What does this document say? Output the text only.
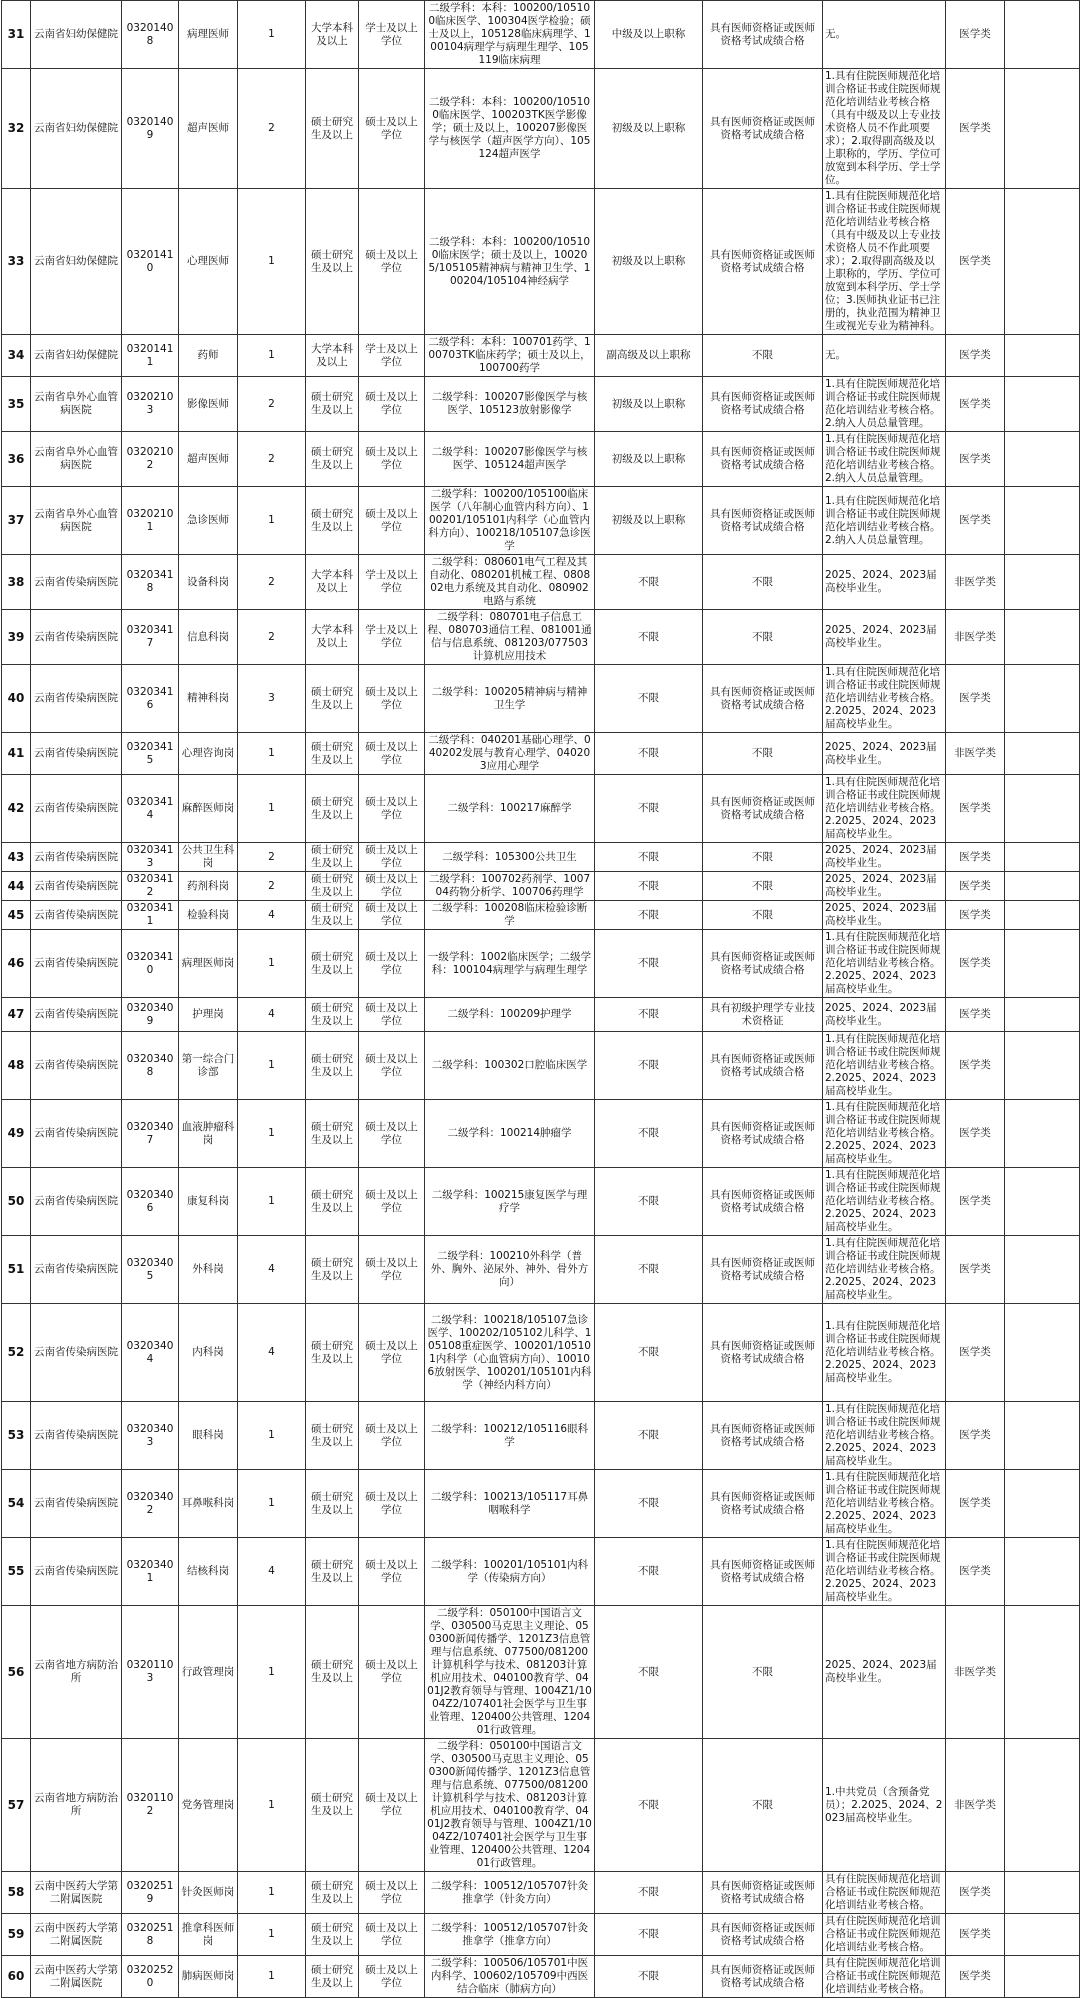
31	云南省妇幼保健院	03201408	病理医师	1	大学本科及以上	学士及以上学位	二级学科：本科：100200/105100临床医学、100304医学检验；硕士及以上，105128临床病理学、100104病理学与病理生理学、105119临床病理	中级及以上职称	具有医师资格证或医师资格考试成绩合格	无。	医学类	
32	云南省妇幼保健院	03201409	超声医师	2	硕士研究生及以上	硕士及以上学位	二级学科：本科：100200/105100临床医学、100203TK医学影像学；硕士及以上，100207影像医学与核医学（超声医学方向）、105124超声医学	初级及以上职称	具有医师资格证或医师资格考试成绩合格	1.具有住院医师规范化培训合格证书或住院医师规范化培训结业考核合格（具有中级及以上专业技术资格人员不作此项要求）；2.取得副高级及以上职称的，学历、学位可放宽到本科学历、学士学位。	医学类	
33	云南省妇幼保健院	03201410	心理医师	1	硕士研究生及以上	硕士及以上学位	二级学科：本科：100200/105100临床医学；硕士及以上，100205/105105精神病与精神卫生学、100204/105104神经病学	初级及以上职称	具有医师资格证或医师资格考试成绩合格	1.具有住院医师规范化培训合格证书或住院医师规范化培训结业考核合格（具有中级及以上专业技术资格人员不作此项要求）；2.取得副高级及以上职称的，学历、学位可放宽到本科学历、学士学位；3.医师执业证书已注册的，执业范围为精神卫生或视光专业为精神科。	医学类	
34	云南省妇幼保健院	03201411	药师	1	大学本科及以上	学士及以上学位	二级学科：本科：100701药学、100703TK临床药学；硕士及以上，100700药学	副高级及以上职称	不限	无。	医学类	
35	云南省阜外心血管病医院	03202103	影像医师	2	硕士研究生及以上	硕士及以上学位	二级学科：100207影像医学与核医学、105123放射影像学	初级及以上职称	具有医师资格证或医师资格考试成绩合格	1.具有住院医师规范化培训合格证书或住院医师规范化培训结业考核合格。2.纳入人员总量管理。	医学类	
36	云南省阜外心血管病医院	03202102	超声医师	2	硕士研究生及以上	硕士及以上学位	二级学科：100207影像医学与核医学、105124超声医学	初级及以上职称	具有医师资格证或医师资格考试成绩合格	1.具有住院医师规范化培训合格证书或住院医师规范化培训结业考核合格。2.纳入人员总量管理。	医学类	
37	云南省阜外心血管病医院	03202101	急诊医师	1	硕士研究生及以上	硕士及以上学位	二级学科：100200/105100临床医学（八年制心血管内科方向）、100201/105101内科学（心血管内科方向）、100218/105107急诊医学	初级及以上职称	具有医师资格证或医师资格考试成绩合格	1.具有住院医师规范化培训合格证书或住院医师规范化培训结业考核合格。2.纳入人员总量管理。	医学类	
38	云南省传染病医院	03203418	设备科岗	2	大学本科及以上	学士及以上学位	二级学科：080601电气工程及其自动化、080201机械工程、080802电力系统及其自动化、080902电路与系统	不限	不限	2025、2024、2023届高校毕业生。	非医学类	
39	云南省传染病医院	03203417	信息科岗	2	大学本科及以上	学士及以上学位	二级学科：080701电子信息工程、080703通信工程、081001通信与信息系统、081203/077503计算机应用技术	不限	不限	2025、2024、2023届高校毕业生。	非医学类	
40	云南省传染病医院	03203416	精神科岗	3	硕士研究生及以上	硕士及以上学位	二级学科：100205精神病与精神卫生学	不限	具有医师资格证或医师资格考试成绩合格	1.具有住院医师规范化培训合格证书或住院医师规范化培训结业考核合格。2.2025、2024、2023届高校毕业生。	医学类	
41	云南省传染病医院	03203415	心理咨询岗	1	硕士研究生及以上	硕士及以上学位	二级学科：040201基础心理学、040202发展与教育心理学、040203应用心理学	不限	不限	2025、2024、2023届高校毕业生。	非医学类	
42	云南省传染病医院	03203414	麻醉医师岗	1	硕士研究生及以上	硕士及以上学位	二级学科：100217麻醉学	不限	具有医师资格证或医师资格考试成绩合格	1.具有住院医师规范化培训合格证书或住院医师规范化培训结业考核合格。2.2025、2024、2023届高校毕业生。	医学类	
43	云南省传染病医院	03203413	公共卫生科岗	2	硕士研究生及以上	硕士及以上学位	二级学科：105300公共卫生	不限	不限	2025、2024、2023届高校毕业生。	医学类	
44	云南省传染病医院	03203412	药剂科岗	2	硕士研究生及以上	硕士及以上学位	二级学科：100702药剂学、100704药物分析学、100706药理学	不限	不限	2025、2024、2023届高校毕业生。	医学类	
45	云南省传染病医院	03203411	检验科岗	4	硕士研究生及以上	硕士及以上学位	二级学科：100208临床检验诊断学	不限	不限	2025、2024、2023届高校毕业生。	医学类	
46	云南省传染病医院	03203410	病理医师岗	1	硕士研究生及以上	硕士及以上学位	一级学科：1002临床医学；二级学科：100104病理学与病理生理学	不限	具有医师资格证或医师资格考试成绩合格	1.具有住院医师规范化培训合格证书或住院医师规范化培训结业考核合格。2.2025、2024、2023届高校毕业生。	医学类	
47	云南省传染病医院	03203409	护理岗	4	硕士研究生及以上	硕士及以上学位	二级学科：100209护理学	不限	具有初级护理学专业技术资格证	2025、2024、2023届高校毕业生。	医学类	
48	云南省传染病医院	03203408	第一综合门诊部	1	硕士研究生及以上	硕士及以上学位	二级学科：100302口腔临床医学	不限	具有医师资格证或医师资格考试成绩合格	1.具有住院医师规范化培训合格证书或住院医师规范化培训结业考核合格。2.2025、2024、2023届高校毕业生。	医学类	
49	云南省传染病医院	03203407	血液肿瘤科岗	1	硕士研究生及以上	硕士及以上学位	二级学科：100214肿瘤学	不限	具有医师资格证或医师资格考试成绩合格	1.具有住院医师规范化培训合格证书或住院医师规范化培训结业考核合格。2.2025、2024、2023届高校毕业生。	医学类	
50	云南省传染病医院	03203406	康复科岗	1	硕士研究生及以上	硕士及以上学位	二级学科：100215康复医学与理疗学	不限	具有医师资格证或医师资格考试成绩合格	1.具有住院医师规范化培训合格证书或住院医师规范化培训结业考核合格。2.2025、2024、2023届高校毕业生。	医学类	
51	云南省传染病医院	03203405	外科岗	4	硕士研究生及以上	硕士及以上学位	二级学科：100210外科学（普外、胸外、泌尿外、神外、骨外方向）	不限	具有医师资格证或医师资格考试成绩合格	1.具有住院医师规范化培训合格证书或住院医师规范化培训结业考核合格。2.2025、2024、2023届高校毕业生。	医学类	
52	云南省传染病医院	03203404	内科岗	4	硕士研究生及以上	硕士及以上学位	二级学科：100218/105107急诊医学、100202/105102儿科学、105108重症医学、100201/105101内科学（心血管病方向）、100106放射医学、100201/105101内科学（神经内科方向）	不限	具有医师资格证或医师资格考试成绩合格	1.具有住院医师规范化培训合格证书或住院医师规范化培训结业考核合格。2.2025、2024、2023届高校毕业生。	医学类	
53	云南省传染病医院	03203403	眼科岗	1	硕士研究生及以上	硕士及以上学位	二级学科：100212/105116眼科学	不限	具有医师资格证或医师资格考试成绩合格	1.具有住院医师规范化培训合格证书或住院医师规范化培训结业考核合格。2.2025、2024、2023届高校毕业生。	医学类	
54	云南省传染病医院	03203402	耳鼻喉科岗	1	硕士研究生及以上	硕士及以上学位	二级学科：100213/105117耳鼻咽喉科学	不限	具有医师资格证或医师资格考试成绩合格	1.具有住院医师规范化培训合格证书或住院医师规范化培训结业考核合格。2.2025、2024、2023届高校毕业生。	医学类	
55	云南省传染病医院	03203401	结核科岗	4	硕士研究生及以上	硕士及以上学位	二级学科：100201/105101内科学（传染病方向）	不限	具有医师资格证或医师资格考试成绩合格	1.具有住院医师规范化培训合格证书或住院医师规范化培训结业考核合格。2.2025、2024、2023届高校毕业生。	医学类	
56	云南省地方病防治所	03201103	行政管理岗	1	硕士研究生及以上	硕士及以上学位	二级学科：050100中国语言文学、030500马克思主义理论、050300新闻传播学、1201Z3信息管理与信息系统、077500/081200计算机科学与技术、081203计算机应用技术、040100教育学、0401J2教育领导与管理、1004Z1/1004Z2/107401社会医学与卫生事业管理、120400公共管理、120401行政管理。	不限	不限	2025、2024、2023届高校毕业生。	非医学类	
57	云南省地方病防治所	03201102	党务管理岗	1	硕士研究生及以上	硕士及以上学位	二级学科：050100中国语言文学、030500马克思主义理论、050300新闻传播学、1201Z3信息管理与信息系统、077500/081200计算机科学与技术、081203计算机应用技术、040100教育学、0401J2教育领导与管理、1004Z1/1004Z2/107401社会医学与卫生事业管理、120400公共管理、120401行政管理。	不限	不限	1.中共党员（含预备党员）；2.2025、2024、2023届高校毕业生。	非医学类	
58	云南中医药大学第二附属医院	03202519	针灸医师岗	1	硕士研究生及以上	硕士及以上学位	二级学科：100512/105707针灸推拿学（针灸方向）	不限	具有医师资格证或医师资格考试成绩合格	具有住院医师规范化培训合格证书或住院医师规范化培训结业考核合格。	医学类	
59	云南中医药大学第二附属医院	03202518	推拿科医师岗	1	硕士研究生及以上	硕士及以上学位	二级学科：100512/105707针灸推拿学（推拿方向）	不限	具有医师资格证或医师资格考试成绩合格	具有住院医师规范化培训合格证书或住院医师规范化培训结业考核合格。	医学类	
60	云南中医药大学第二附属医院	03202520	肺病医师岗	1	硕士研究生及以上	硕士及以上学位	二级学科：100506/105701中医内科学、100602/105709中西医结合临床（肺病方向）	不限	具有医师资格证或医师资格考试成绩合格	具有住院医师规范化培训合格证书或住院医师规范化培训结业考核合格。	医学类	
